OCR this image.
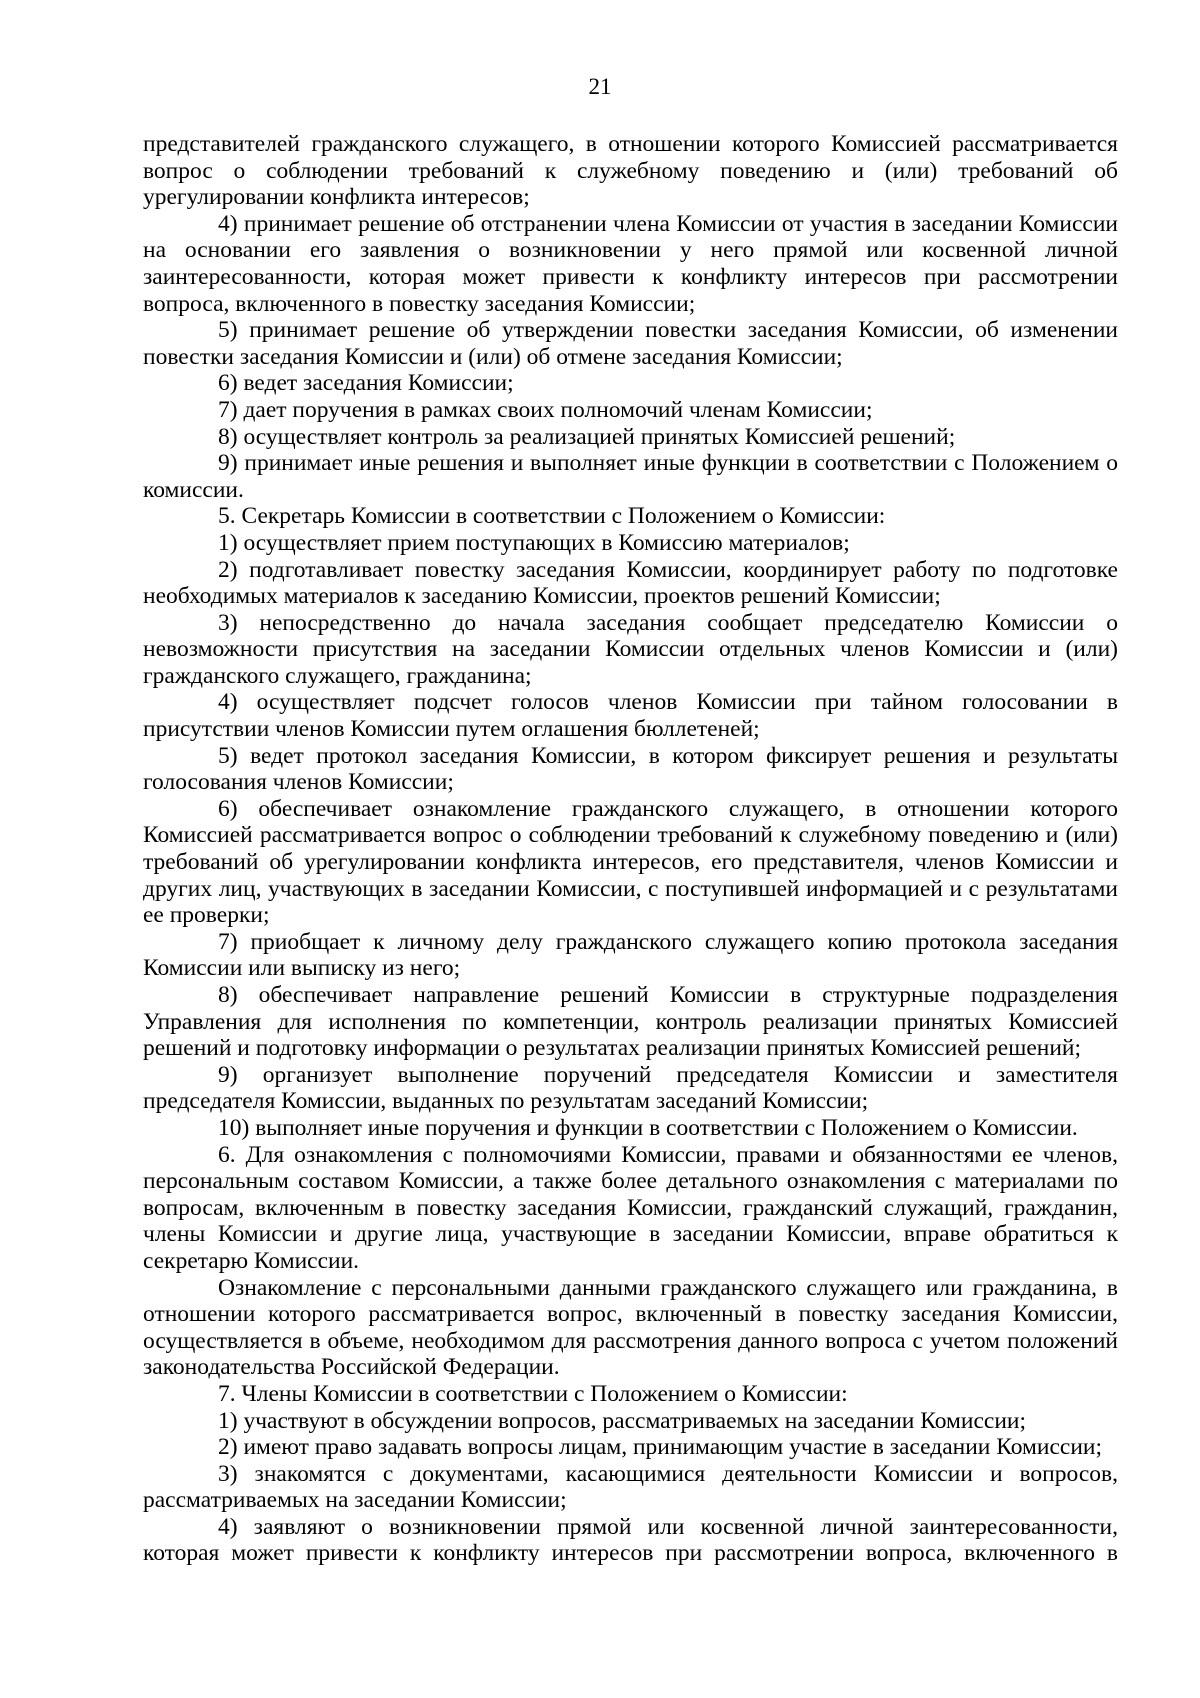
21

представителей гражданского служащего, в отношении которого Комиссией рассматривается вопрос о соблюдении требований к служебному поведению и (или) требований об урегулировании конфликта интересов;

4) принимает решение об отстранении члена Комиссии от участия в заседании Комиссии на основании его заявления о возникновении у него прямой или косвенной личной заинтересованности, которая может привести к конфликту интересов при рассмотрении вопроса, включенного в повестку заседания Комиссии;

5) принимает решение об утверждении повестки заседания Комиссии, об изменении повестки заседания Комиссии и (или) об отмене заседания Комиссии;

6) ведет заседания Комиссии;

7) дает поручения в рамках своих полномочий членам Комиссии;

8) осуществляет контроль за реализацией принятых Комиссией решений;

9) принимает иные решения и выполняет иные функции в соответствии с Положением о комиссии.

5. Секретарь Комиссии в соответствии с Положением о Комиссии:

1) осуществляет прием поступающих в Комиссию материалов;

2) подготавливает повестку заседания Комиссии, координирует работу по подготовке необходимых материалов к заседанию Комиссии, проектов решений Комиссии;

3) непосредственно до начала заседания сообщает председателю Комиссии о невозможности присутствия на заседании Комиссии отдельных членов Комиссии и (или) гражданского служащего, гражданина;

4) осуществляет подсчет голосов членов Комиссии при тайном голосовании в присутствии членов Комиссии путем оглашения бюллетеней;

5) ведет протокол заседания Комиссии, в котором фиксирует решения и результаты голосования членов Комиссии;

6) обеспечивает ознакомление гражданского служащего, в отношении которого Комиссией рассматривается вопрос о соблюдении требований к служебному поведению и (или) требований об урегулировании конфликта интересов, его представителя, членов Комиссии и других лиц, участвующих в заседании Комиссии, с поступившей информацией и с результатами ее проверки;

7) приобщает к личному делу гражданского служащего копию протокола заседания Комиссии или выписку из него;

8) обеспечивает направление решений Комиссии в структурные подразделения Управления для исполнения по компетенции, контроль реализации принятых Комиссией решений и подготовку информации о результатах реализации принятых Комиссией решений;

9) организует выполнение поручений председателя Комиссии и заместителя председателя Комиссии, выданных по результатам заседаний Комиссии;

10) выполняет иные поручения и функции в соответствии с Положением о Комиссии.

6. Для ознакомления с полномочиями Комиссии, правами и обязанностями ее членов, персональным составом Комиссии, а также более детального ознакомления с материалами по вопросам, включенным в повестку заседания Комиссии, гражданский служащий, гражданин, члены Комиссии и другие лица, участвующие в заседании Комиссии, вправе обратиться к секретарю Комиссии.

Ознакомление с персональными данными гражданского служащего или гражданина, в отношении которого рассматривается вопрос, включенный в повестку заседания Комиссии, осуществляется в объеме, необходимом для рассмотрения данного вопроса с учетом положений законодательства Российской Федерации.

7. Члены Комиссии в соответствии с Положением о Комиссии:

1) участвуют в обсуждении вопросов, рассматриваемых на заседании Комиссии;

2) имеют право задавать вопросы лицам, принимающим участие в заседании Комиссии;

3) знакомятся с документами, касающимися деятельности Комиссии и вопросов, рассматриваемых на заседании Комиссии;

4) заявляют о возникновении прямой или косвенной личной заинтересованности, которая может привести к конфликту интересов при рассмотрении вопроса, включенного в
